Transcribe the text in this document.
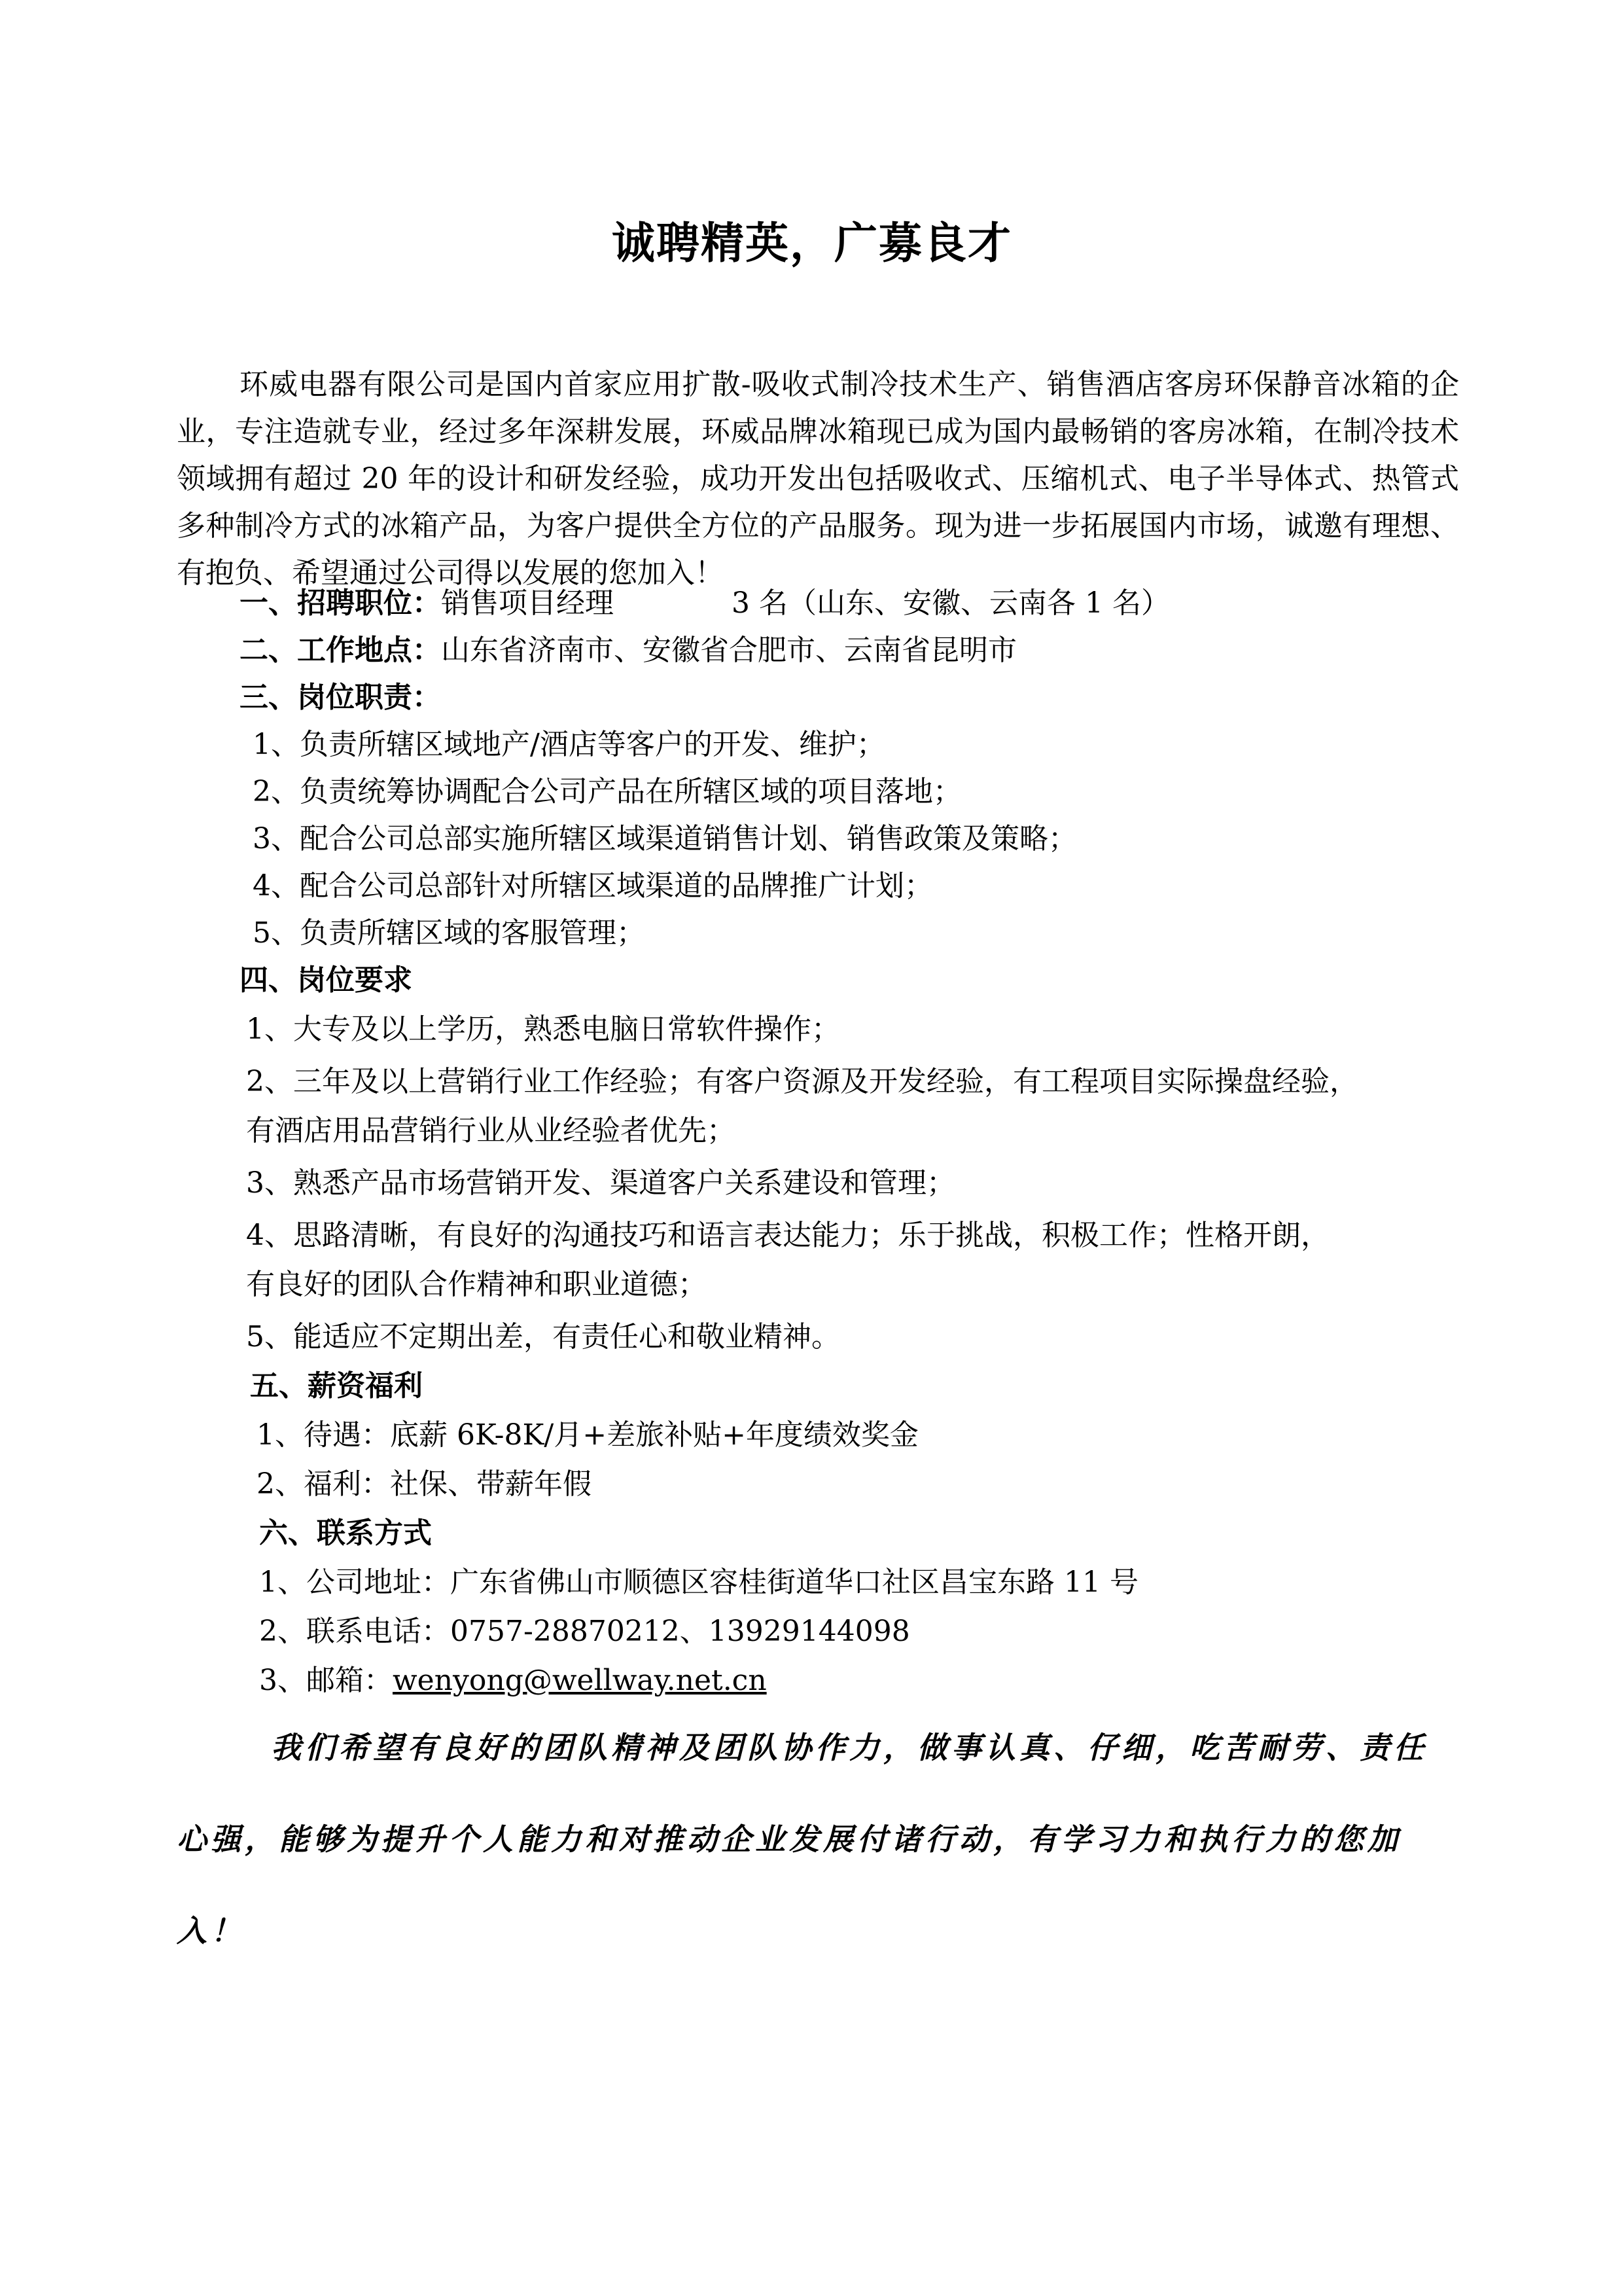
诚聘精英，广募良才
环威电器有限公司是国内首家应用扩散-吸收式制冷技术生产、销售酒店客房环保静音冰箱的企业，专注造就专业，经过多年深耕发展，环威品牌冰箱现已成为国内最畅销的客房冰箱，在制冷技术领域拥有超过 20 年的设计和研发经验，成功开发出包括吸收式、压缩机式、电子半导体式、热管式多种制冷方式的冰箱产品，为客户提供全方位的产品服务。现为进一步拓展国内市场，诚邀有理想、有抱负、希望通过公司得以发展的您加入！
一、招聘职位：销售项目经理	3 名（山东、安徽、云南各 1 名）
二、工作地点：山东省济南市、安徽省合肥市、云南省昆明市
三、岗位职责：
1、负责所辖区域地产/酒店等客户的开发、维护；
2、负责统筹协调配合公司产品在所辖区域的项目落地；
3、配合公司总部实施所辖区域渠道销售计划、销售政策及策略；
4、配合公司总部针对所辖区域渠道的品牌推广计划；
5、负责所辖区域的客服管理；
四、岗位要求
1、大专及以上学历，熟悉电脑日常软件操作；
2、三年及以上营销行业工作经验；有客户资源及开发经验，有工程项目实际操盘经验，
有酒店用品营销行业从业经验者优先；
3、熟悉产品市场营销开发、渠道客户关系建设和管理；
4、思路清晰，有良好的沟通技巧和语言表达能力；乐于挑战，积极工作；性格开朗，
有良好的团队合作精神和职业道德；
5、能适应不定期出差，有责任心和敬业精神。
五、薪资福利
1、待遇：底薪 6K-8K/月+差旅补贴+年度绩效奖金
2、福利：社保、带薪年假
六、联系方式
1、公司地址：广东省佛山市顺德区容桂街道华口社区昌宝东路 11 号
2、联系电话：0757-28870212、13929144098
3、邮箱：wenyong@wellway.net.cn
我们希望有良好的团队精神及团队协作力，做事认真、仔细，吃苦耐劳、责任心强，能够为提升个人能力和对推动企业发展付诸行动，有学习力和执行力的您加入！
